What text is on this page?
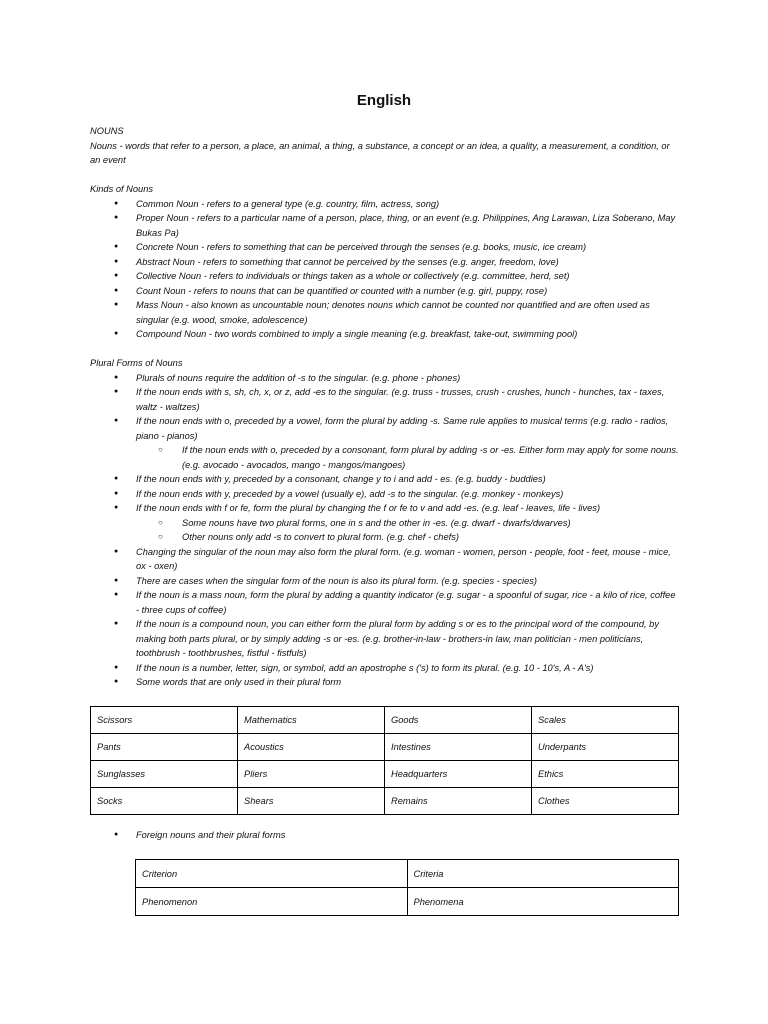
English

NOUNS

Nouns - words that refer to a person, a place, an animal, a thing, a substance, a concept or an idea, a quality, a measurement, a condition, or an event

Kinds of Nouns

● Common Noun - refers to a general type (e.g. country, film, actress, song)
● Proper Noun - refers to a particular name of a person, place, thing, or an event (e.g. Philippines, Ang Larawan, Liza Soberano, May Bukas Pa)
● Concrete Noun - refers to something that can be perceived through the senses (e.g. books, music, ice cream)
● Abstract Noun - refers to something that cannot be perceived by the senses (e.g. anger, freedom, love)
● Collective Noun - refers to individuals or things taken as a whole or collectively (e.g. committee, herd, set)
● Count Noun - refers to nouns that can be quantified or counted with a number (e.g. girl, puppy, rose)
● Mass Noun - also known as uncountable noun; denotes nouns which cannot be counted nor quantified and are often used as singular (e.g. wood, smoke, adolescence)
● Compound Noun - two words combined to imply a single meaning (e.g. breakfast, take-out, swimming pool)

Plural Forms of Nouns

● Plurals of nouns require the addition of -s to the singular. (e.g. phone - phones)
● If the noun ends with s, sh, ch, x, or z, add -es to the singular. (e.g. truss - trusses, crush - crushes, hunch - hunches, tax - taxes, waltz - waltzes)
● If the noun ends with o, preceded by a vowel, form the plural by adding -s. Same rule applies to musical terms (e.g. radio - radios, piano - pianos)
○ If the noun ends with o, preceded by a consonant, form plural by adding -s or -es. Either form may apply for some nouns.(e.g. avocado - avocados, mango - mangos/mangoes)
● If the noun ends with y, preceded by a consonant, change y to i and add - es. (e.g. buddy - buddies)
● If the noun ends with y, preceded by a vowel (usually e), add -s to the singular. (e.g. monkey - monkeys)
● If the noun ends with f or fe, form the plural by changing the f or fe to v and add -es. (e.g. leaf - leaves, life - lives)
○ Some nouns have two plural forms, one in s and the other in -es. (e.g. dwarf - dwarfs/dwarves)
○ Other nouns only add -s to convert to plural form. (e.g. chef - chefs)
● Changing the singular of the noun may also form the plural form. (e.g. woman - women, person - people, foot - feet, mouse - mice, ox - oxen)
● There are cases when the singular form of the noun is also its plural form. (e.g. species - species)
● If the noun is a mass noun, form the plural by adding a quantity indicator (e.g. sugar - a spoonful of sugar, rice - a kilo of rice, coffee - three cups of coffee)
● If the noun is a compound noun, you can either form the plural form by adding s or es to the principal word of the compound, by making both parts plural, or by simply adding -s or -es. (e.g. brother-in-law - brothers-in law, man politician - men politicians, toothbrush - toothbrushes, fistful - fistfuls)
● If the noun is a number, letter, sign, or symbol, add an apostrophe s ('s) to form its plural. (e.g. 10 - 10's, A - A's)
● Some words that are only used in their plural form
Scissors	Mathematics	Goods	Scales
Pants	Acoustics	Intestines	Underpants
Sunglasses	Pliers	Headquarters	Ethics
Socks	Shears	Remains	Clothes
● Foreign nouns and their plural forms
Criterion	Criteria
Phenomenon	Phenomena
